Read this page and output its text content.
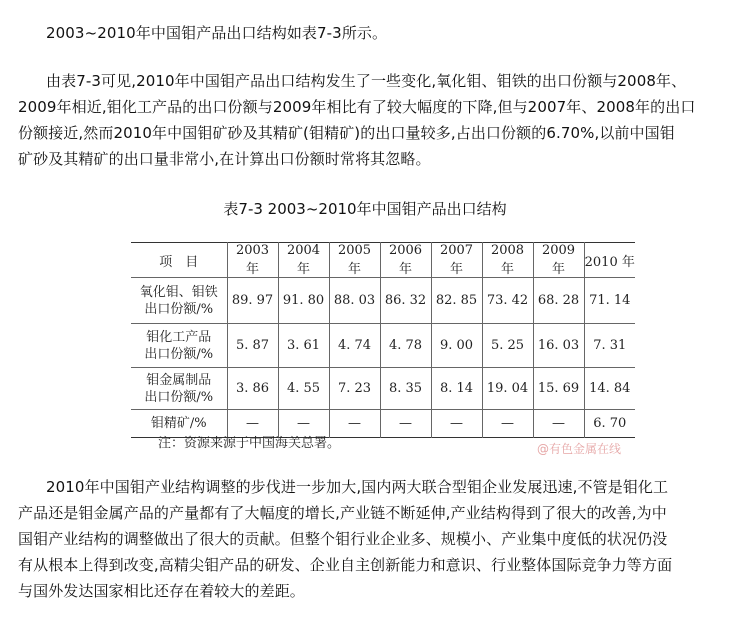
2003~2010年中国钼产品出口结构如表7-3所示。
由表7-3可见,2010年中国钼产品出口结构发生了一些变化,氧化钼、钼铁的出口份额与2008年、
2009年相近,钼化工产品的出口份额与2009年相比有了较大幅度的下降,但与2007年、2008年的出口
份额接近,然而2010年中国钼矿砂及其精矿(钼精矿)的出口量较多,占出口份额的6.70%,以前中国钼
矿砂及其精矿的出口量非常小,在计算出口份额时常将其忽略。
表7-3 2003~2010年中国钼产品出口结构
项　目	2003 年	2004 年	2005 年	2006 年	2007 年	2008 年	2009 年	2010 年

氧化钼、钼铁
出口份额/%	89. 97	91. 80	88. 03	86. 32	82. 85	73. 42	68. 28	71. 14

钼化工产品
出口份额/%	5. 87	3. 61	4. 74	4. 78	9. 00	5. 25	16. 03	7. 31

钼金属制品
出口份额/%	3. 86	4. 55	7. 23	8. 35	8. 14	19. 04	15. 69	14. 84
钼精矿/%	—	—	—	—	—	—	—	6. 70
注：资源来源于中国海关总署。	@有色金属在线
2010年中国钼产业结构调整的步伐进一步加大,国内两大联合型钼企业发展迅速,不管是钼化工
产品还是钼金属产品的产量都有了大幅度的增长,产业链不断延伸,产业结构得到了很大的改善,为中
国钼产业结构的调整做出了很大的贡献。但整个钼行业企业多、规模小、产业集中度低的状况仍没
有从根本上得到改变,高精尖钼产品的研发、企业自主创新能力和意识、行业整体国际竞争力等方面
与国外发达国家相比还存在着较大的差距。
